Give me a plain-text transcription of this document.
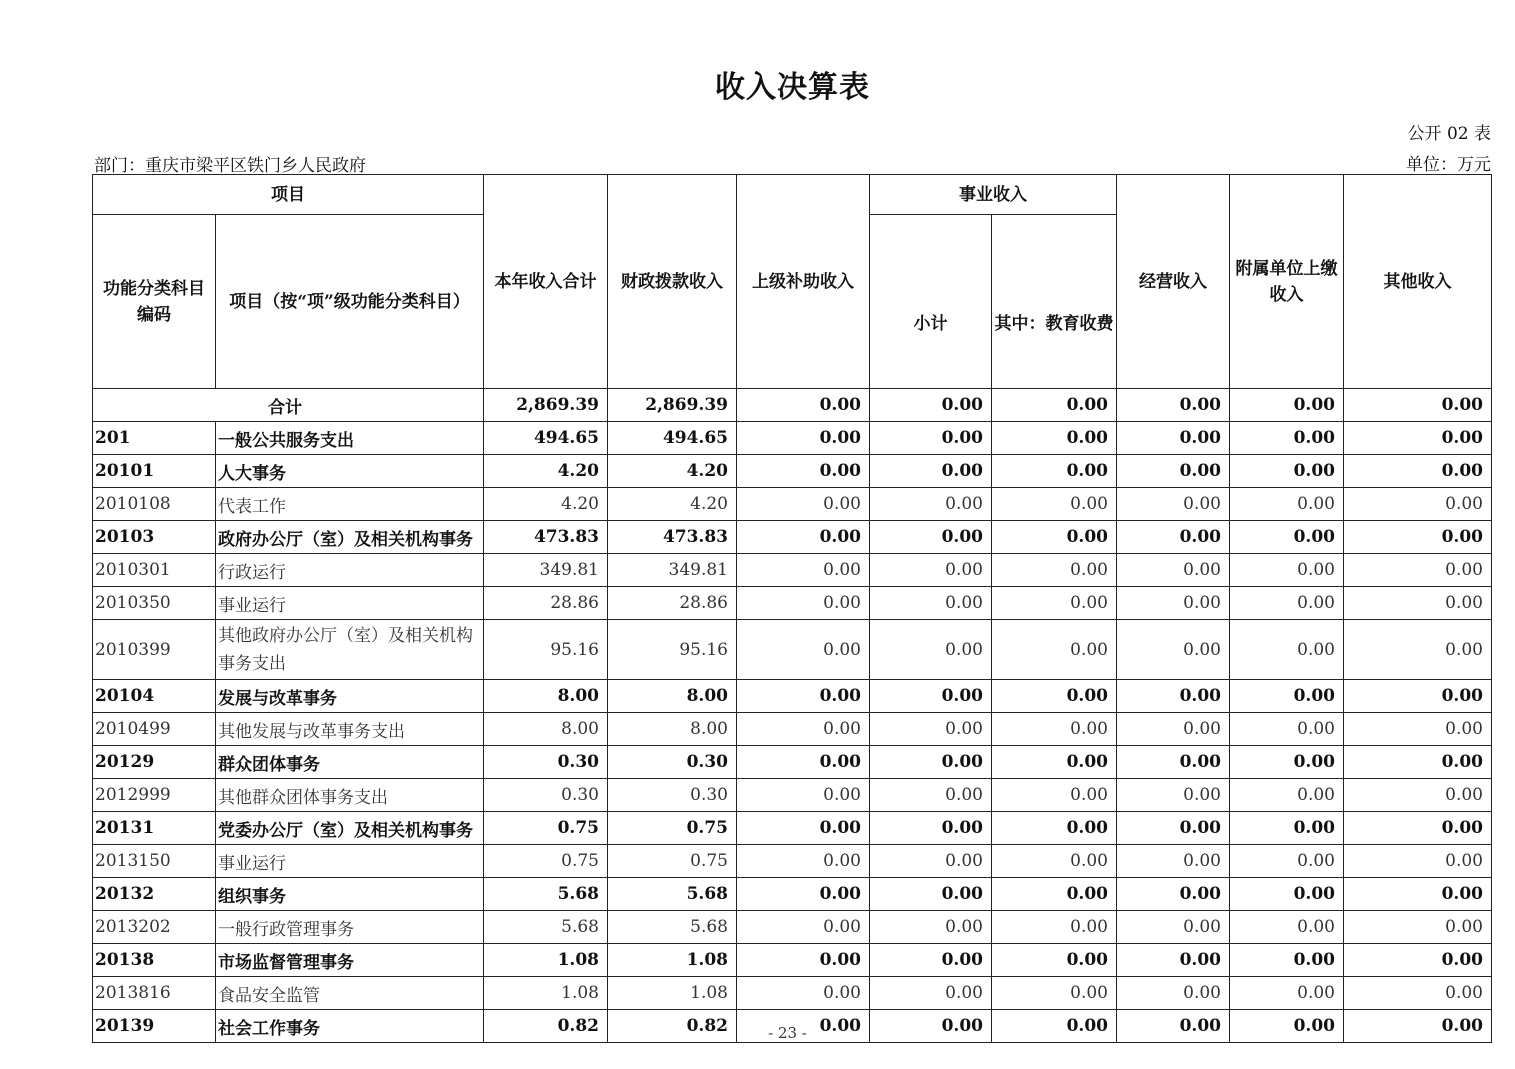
收入决算表
公开 02 表
部门：重庆市梁平区铁门乡人民政府	单位：万元
项目		本年收入合计	财政拨款收入	上级补助收入	事业收入		经营收入	附属单位上缴收入	其他收入
功能分类科目编码	项目（按“项”级功能分类科目）				小计	其中：教育收费			
合计		2,869.39	2,869.39	0.00	0.00	0.00	0.00	0.00	0.00
201	一般公共服务支出	494.65	494.65	0.00	0.00	0.00	0.00	0.00	0.00
20101	人大事务	4.20	4.20	0.00	0.00	0.00	0.00	0.00	0.00
2010108	代表工作	4.20	4.20	0.00	0.00	0.00	0.00	0.00	0.00
20103	政府办公厅（室）及相关机构事务	473.83	473.83	0.00	0.00	0.00	0.00	0.00	0.00
2010301	行政运行	349.81	349.81	0.00	0.00	0.00	0.00	0.00	0.00
2010350	事业运行	28.86	28.86	0.00	0.00	0.00	0.00	0.00	0.00
2010399	其他政府办公厅（室）及相关机构事务支出	95.16	95.16	0.00	0.00	0.00	0.00	0.00	0.00
20104	发展与改革事务	8.00	8.00	0.00	0.00	0.00	0.00	0.00	0.00
2010499	其他发展与改革事务支出	8.00	8.00	0.00	0.00	0.00	0.00	0.00	0.00
20129	群众团体事务	0.30	0.30	0.00	0.00	0.00	0.00	0.00	0.00
2012999	其他群众团体事务支出	0.30	0.30	0.00	0.00	0.00	0.00	0.00	0.00
20131	党委办公厅（室）及相关机构事务	0.75	0.75	0.00	0.00	0.00	0.00	0.00	0.00
2013150	事业运行	0.75	0.75	0.00	0.00	0.00	0.00	0.00	0.00
20132	组织事务	5.68	5.68	0.00	0.00	0.00	0.00	0.00	0.00
2013202	一般行政管理事务	5.68	5.68	0.00	0.00	0.00	0.00	0.00	0.00
20138	市场监督管理事务	1.08	1.08	0.00	0.00	0.00	0.00	0.00	0.00
2013816	食品安全监管	1.08	1.08	0.00	0.00	0.00	0.00	0.00	0.00
20139	社会工作事务	0.82	0.82	0.00	0.00	0.00	0.00	0.00	0.00
- 23 -
